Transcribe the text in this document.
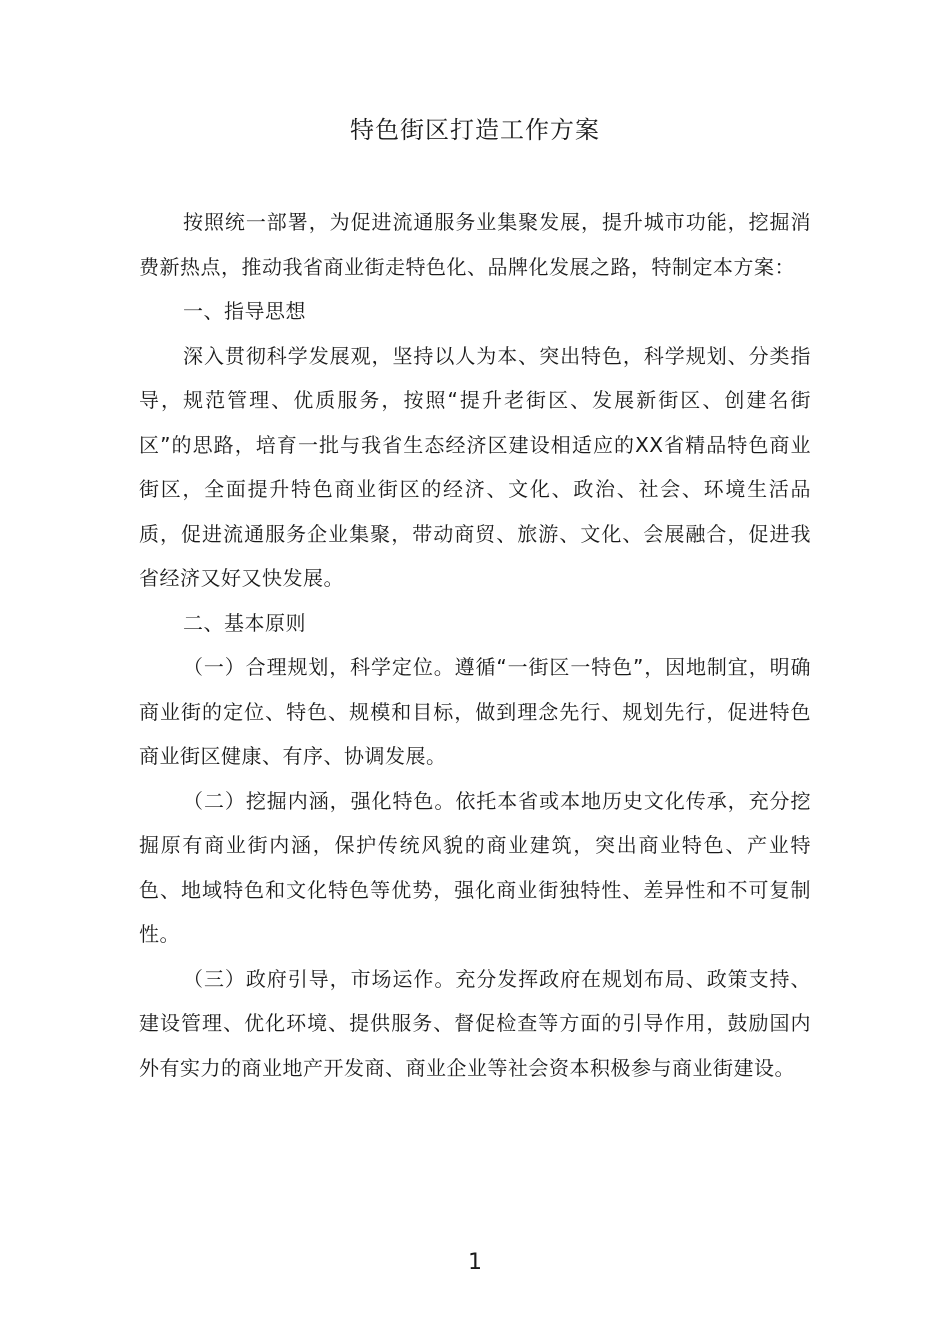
特色街区打造工作方案

按照统一部署，为促进流通服务业集聚发展，提升城市功能，挖掘消费新热点，推动我省商业街走特色化、品牌化发展之路，特制定本方案：

一、指导思想

深入贯彻科学发展观，坚持以人为本、突出特色，科学规划、分类指导，规范管理、优质服务，按照“提升老街区、发展新街区、创建名街区”的思路，培育一批与我省生态经济区建设相适应的XX省精品特色商业街区，全面提升特色商业街区的经济、文化、政治、社会、环境生活品质，促进流通服务企业集聚，带动商贸、旅游、文化、会展融合，促进我省经济又好又快发展。

二、基本原则

（一）合理规划，科学定位。遵循“一街区一特色”，因地制宜，明确商业街的定位、特色、规模和目标，做到理念先行、规划先行，促进特色商业街区健康、有序、协调发展。

（二）挖掘内涵，强化特色。依托本省或本地历史文化传承，充分挖掘原有商业街内涵，保护传统风貌的商业建筑，突出商业特色、产业特色、地域特色和文化特色等优势，强化商业街独特性、差异性和不可复制性。

（三）政府引导，市场运作。充分发挥政府在规划布局、政策支持、建设管理、优化环境、提供服务、督促检查等方面的引导作用，鼓励国内外有实力的商业地产开发商、商业企业等社会资本积极参与商业街建设。

1
